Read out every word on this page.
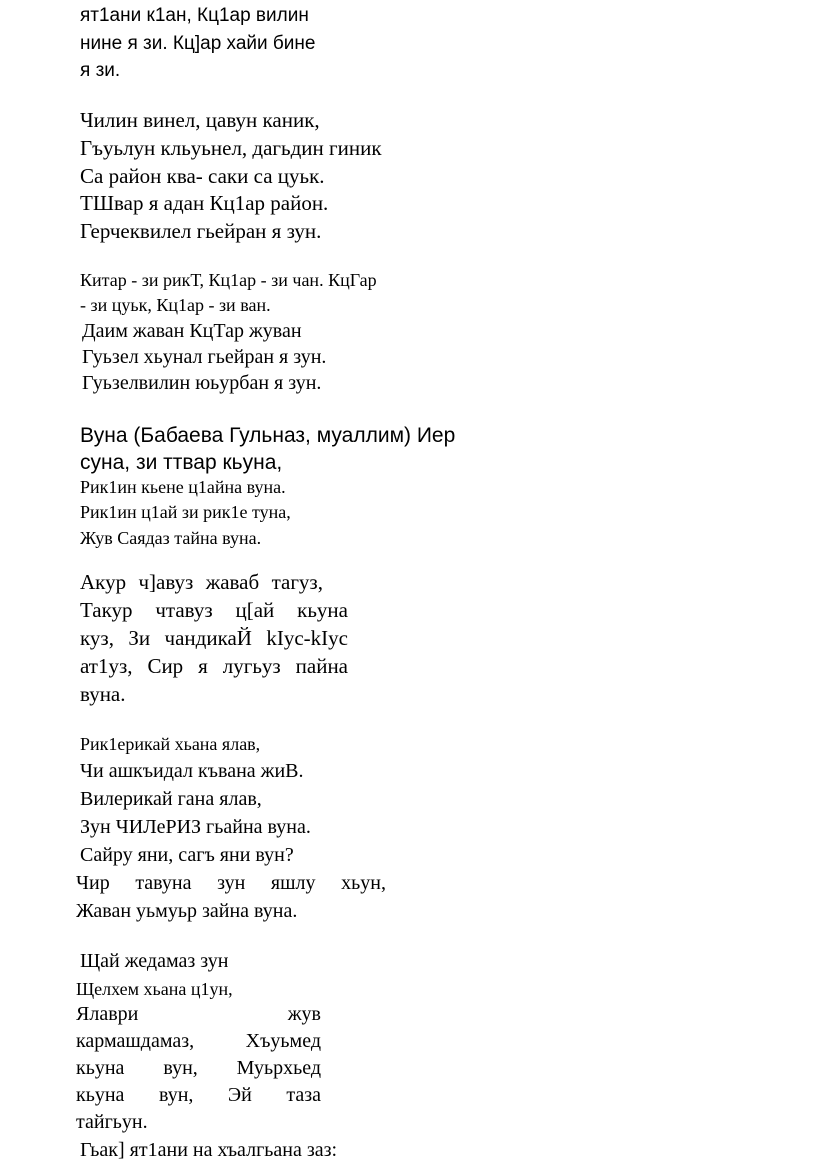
ят1ани к1ан, Кц1ар вилин
нине я зи. Кц]ар хайи бине
я зи.
Чилин винел, цавун каник,
Гъуьлун кльуьнел, дагьдин гиник
Са район ква- саки са цуьк.
ТШвар я адан Кц1ар район.
Герчеквилел гьейран я зун.
Китар - зи рикТ, Кц1ар - зи чан. КцГар
- зи цуьк, Кц1ар - зи ван.
Даим жаван КцТар жуван
Гуьзел хьунал гьейран я зун.
Гуьзелвилин юьурбан я зун.
Вуна (Бабаева Гульназ, муаллим) Иер
суна, зи ттвар кьуна,
Рик1ин кьене ц1айна вуна.
Рик1ин ц1ай зи рик1е туна,
Жув Саядаз тайна вуна.
Акур ч]авуз жаваб тагуз,
Такур чтавуз ц[ай кьуна
куз, Зи чандикаЙ kIус-kIус
ат1уз, Сир я лугьуз пайна
вуна.
Рик1ерикай хьана ялав,
Чи ашкъидал къвана жиВ.
Вилерикай гана ялав,
Зун ЧИЛеРИЗ гьайна вуна.
Сайру яни, сагъ яни вун?
Чир тавуна зун яшлу хьун,
Жаван уьмуьр зайна вуна.
Щай жедамаз зун
Щелхем хьана ц1ун,
Ялаври	жув
кармашдамаз,	Хъуьмед
кьуна вун, Муьрхьед
кьуна вун, Эй таза
тайгьун.
Гьак] ят1ани на хъалгьана заз:
